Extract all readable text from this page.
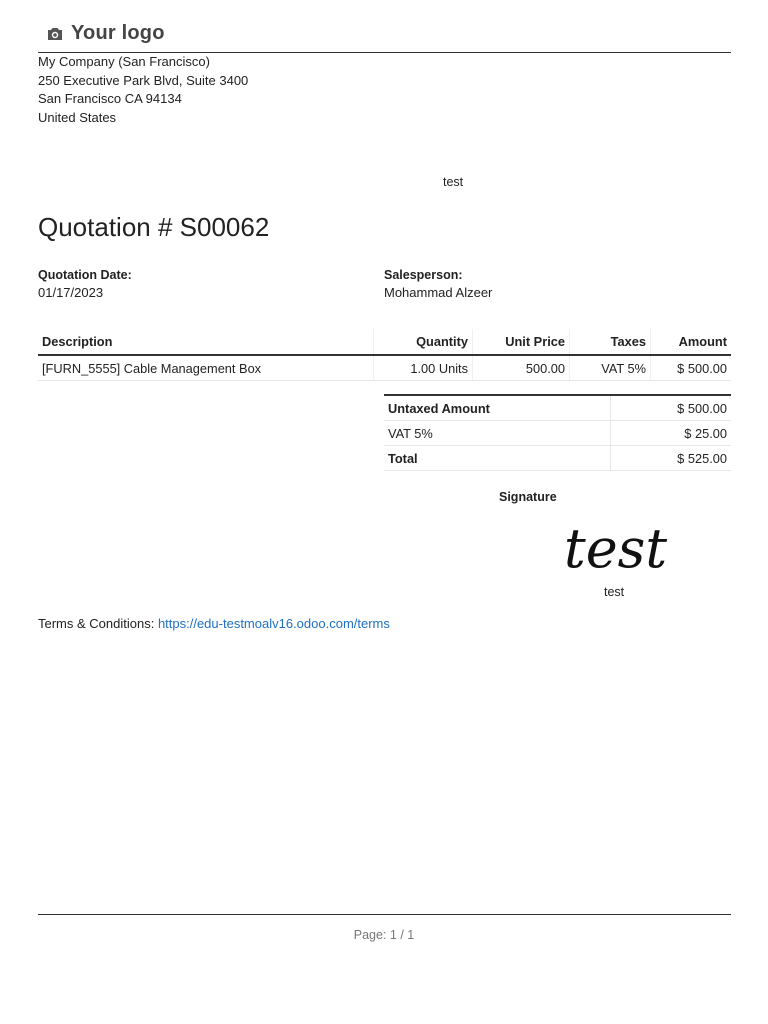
Your logo
My Company (San Francisco)
250 Executive Park Blvd, Suite 3400
San Francisco CA 94134
United States
test
Quotation # S00062
Quotation Date:
01/17/2023
Salesperson:
Mohammad Alzeer
Description	Quantity	Unit Price	Taxes	Amount
[FURN_5555] Cable Management Box	1.00 Units	500.00	VAT 5%	$ 500.00
Untaxed Amount	$ 500.00
VAT 5%	$ 25.00
Total	$ 525.00
Signature
test
test
Terms & Conditions: https://edu-testmoalv16.odoo.com/terms
Page: 1 / 1
